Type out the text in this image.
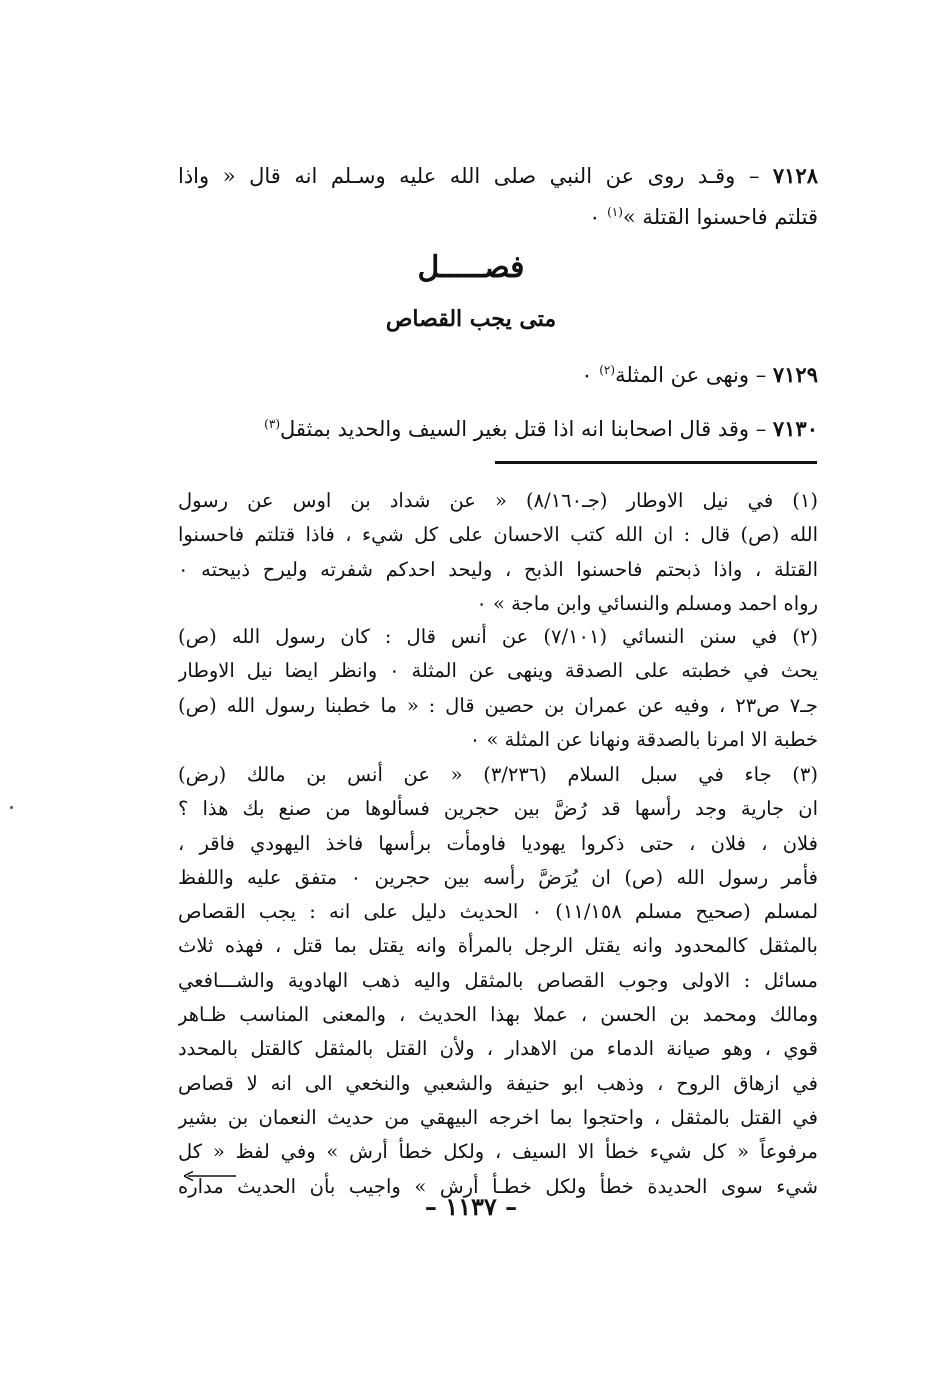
٧١٢٨ – وقـد روى عن النبي صلى الله عليه وسـلم انه قال « واذا
قتلتم فاحسنوا القتلة »$^{(١)}$ ٠
فصـــــل
متى يجب القصاص
٧١٢٩ – ونهى عن المثلة$^{(٢)}$ ٠
٧١٣٠ – وقد قال اصحابنا انه اذا قتل بغير السيف والحديد بمثقل$^{(٣)}$
(١) في نيل الاوطار (جـ٨/١٦٠) « عن شداد بن اوس عن رسول
الله (ص) قال : ان الله كتب الاحسان على كل شيء ، فاذا قتلتم فاحسنوا
القتلة ، واذا ذبحتم فاحسنوا الذبح ، وليحد احدكم شفرته وليرح ذبيحته ٠
رواه احمد ومسلم والنسائي وابن ماجة » ٠
(٢) في سنن النسائي (٧/١٠١) عن أنس قال : كان رسول الله (ص)
يحث في خطبته على الصدقة وينهى عن المثلة ٠ وانظر ايضا نيل الاوطار
جـ٧ ص٢٣ ، وفيه عن عمران بن حصين قال : « ما خطبنا رسول الله (ص)
خطبة الا امرنا بالصدقة ونهانا عن المثلة » ٠
(٣) جاء في سبل السلام (٣/٢٣٦) « عن أنس بن مالك (رض)
ان جارية وجد رأسها قد رُضَّ بين حجرين فسألوها من صنع بك هذا ؟
فلان ، فلان ، حتى ذكروا يهوديا فاومأت برأسها فاخذ اليهودي فاقر ،
فأمر رسول الله (ص) ان يُرَضَّ رأسه بين حجرين ٠ متفق عليه واللفظ
لمسلم (صحيح مسلم ١١/١٥٨) ٠ الحديث دليل على انه : يجب القصاص
بالمثقل كالمحدود وانه يقتل الرجل بالمرأة وانه يقتل بما قتل ، فهذه ثلاث
مسائل : الاولى وجوب القصاص بالمثقل واليه ذهب الهادوية والشـــافعي
ومالك ومحمد بن الحسن ، عملا بهذا الحديث ، والمعنى المناسب ظـاهر
قوي ، وهو صيانة الدماء من الاهدار ، ولأن القتل بالمثقل كالقتل بالمحدد
في ازهاق الروح ، وذهب ابو حنيفة والشعبي والنخعي الى انه لا قصاص
في القتل بالمثقل ، واحتجوا بما اخرجه البيهقي من حديث النعمان بن بشير
مرفوعاً « كل شيء خطأ الا السيف ، ولكل خطأ أرش » وفي لفظ « كل
شيء سوى الحديدة خطأ ولكل خطـأ أرش » واجيب بأن الحديث مداره
– ١١٣٧ –
